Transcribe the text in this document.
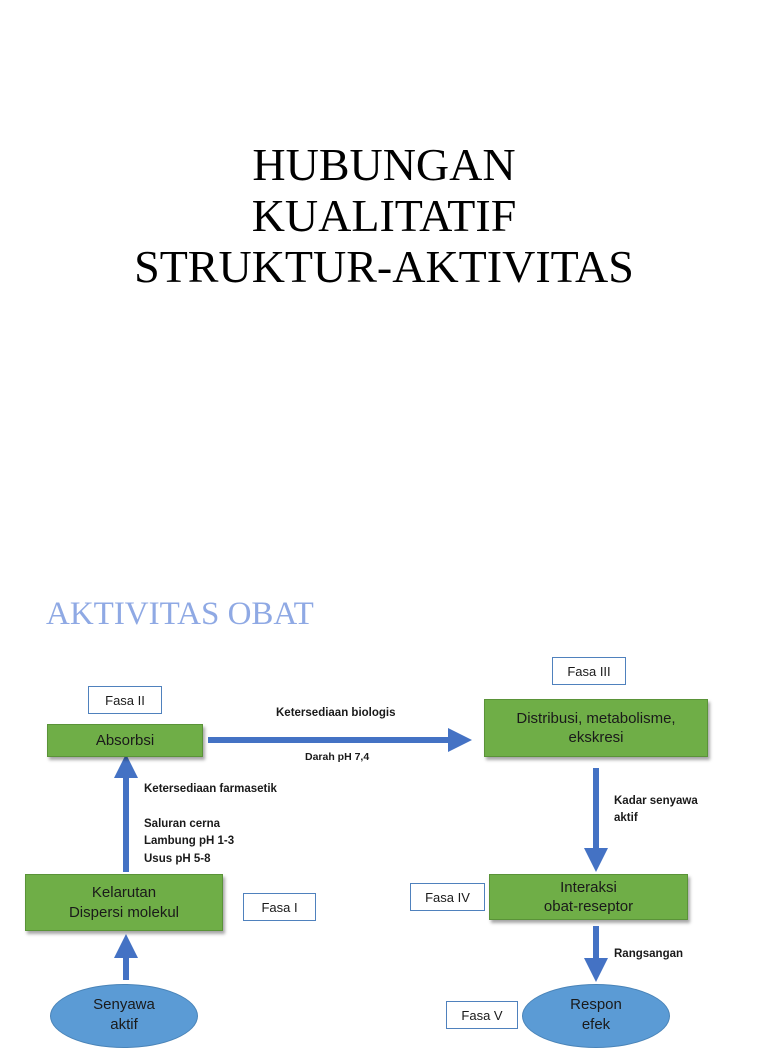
HUBUNGAN
KUALITATIF
STRUKTUR-AKTIVITAS
AKTIVITAS OBAT
Fasa II
Fasa III
Fasa I
Fasa IV
Fasa V
Absorbsi
Distribusi, metabolisme,
ekskresi
Kelarutan
Dispersi molekul
Interaksi
obat-reseptor
Senyawa
aktif
Respon
efek
Ketersediaan biologis
Darah pH 7,4
Ketersediaan farmasetik
Saluran cerna
Lambung pH 1-3
Usus pH 5-8
Kadar senyawa
aktif
Rangsangan
